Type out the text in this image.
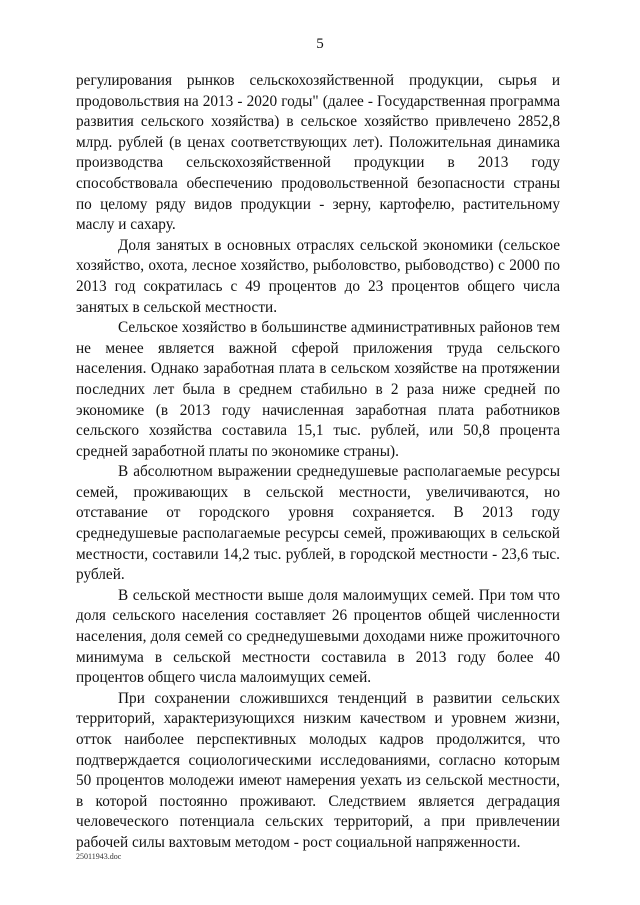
5

регулирования рынков сельскохозяйственной продукции, сырья и продовольствия на 2013 - 2020 годы" (далее - Государственная программа развития сельского хозяйства) в сельское хозяйство привлечено 2852,8 млрд. рублей (в ценах соответствующих лет). Положительная динамика производства сельскохозяйственной продукции в 2013 году способствовала обеспечению продовольственной безопасности страны по целому ряду видов продукции - зерну, картофелю, растительному маслу и сахару.

Доля занятых в основных отраслях сельской экономики (сельское хозяйство, охота, лесное хозяйство, рыболовство, рыбоводство) с 2000 по 2013 год сократилась с 49 процентов до 23 процентов общего числа занятых в сельской местности.

Сельское хозяйство в большинстве административных районов тем не менее является важной сферой приложения труда сельского населения. Однако заработная плата в сельском хозяйстве на протяжении последних лет была в среднем стабильно в 2 раза ниже средней по экономике (в 2013 году начисленная заработная плата работников сельского хозяйства составила 15,1 тыс. рублей, или 50,8 процента средней заработной платы по экономике страны).

В абсолютном выражении среднедушевые располагаемые ресурсы семей, проживающих в сельской местности, увеличиваются, но отставание от городского уровня сохраняется. В 2013 году среднедушевые располагаемые ресурсы семей, проживающих в сельской местности, составили 14,2 тыс. рублей, в городской местности - 23,6 тыс. рублей.

В сельской местности выше доля малоимущих семей. При том что доля сельского населения составляет 26 процентов общей численности населения, доля семей со среднедушевыми доходами ниже прожиточного минимума в сельской местности составила в 2013 году более 40 процентов общего числа малоимущих семей.

При сохранении сложившихся тенденций в развитии сельских территорий, характеризующихся низким качеством и уровнем жизни, отток наиболее перспективных молодых кадров продолжится, что подтверждается социологическими исследованиями, согласно которым 50 процентов молодежи имеют намерения уехать из сельской местности, в которой постоянно проживают. Следствием является деградация человеческого потенциала сельских территорий, а при привлечении рабочей силы вахтовым методом - рост социальной напряженности.

25011943.doc
